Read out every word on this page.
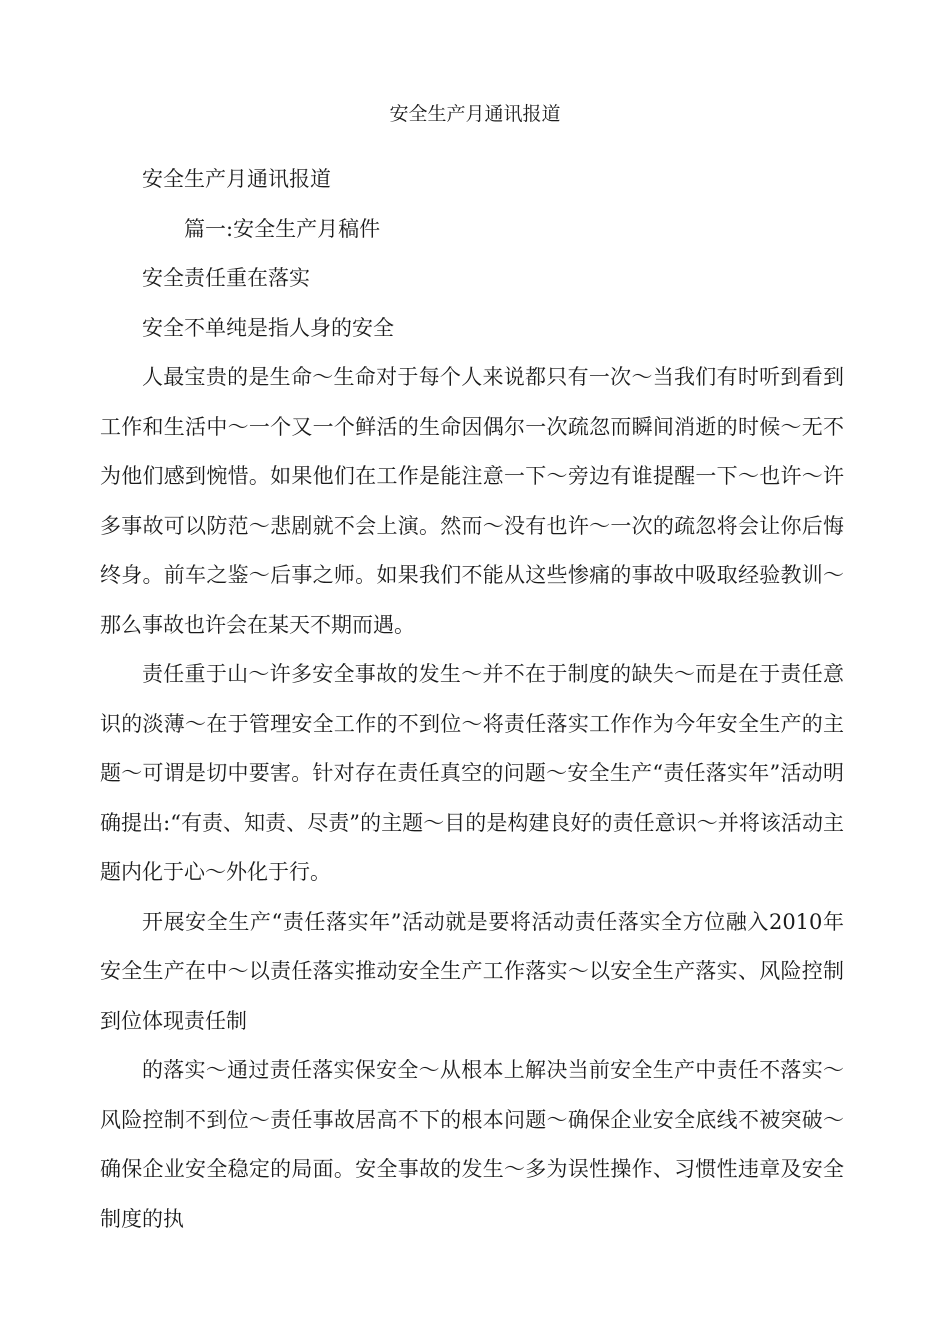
安全生产月通讯报道

安全生产月通讯报道

篇一:安全生产月稿件

安全责任重在落实

安全不单纯是指人身的安全

人最宝贵的是生命〜生命对于每个人来说都只有一次〜当我们有时听到看到工作和生活中〜一个又一个鲜活的生命因偶尔一次疏忽而瞬间消逝的时候〜无不为他们感到惋惜。如果他们在工作是能注意一下〜旁边有谁提醒一下〜也许〜许多事故可以防范〜悲剧就不会上演。然而〜没有也许〜一次的疏忽将会让你后悔终身。前车之鉴〜后事之师。如果我们不能从这些惨痛的事故中吸取经验教训〜那么事故也许会在某天不期而遇。

责任重于山〜许多安全事故的发生〜并不在于制度的缺失〜而是在于责任意识的淡薄〜在于管理安全工作的不到位〜将责任落实工作作为今年安全生产的主题〜可谓是切中要害。针对存在责任真空的问题〜安全生产“责任落实年”活动明确提出:“有责、知责、尽责”的主题〜目的是构建良好的责任意识〜并将该活动主题内化于心〜外化于行。

开展安全生产“责任落实年”活动就是要将活动责任落实全方位融入2010年安全生产在中〜以责任落实推动安全生产工作落实〜以安全生产落实、风险控制到位体现责任制

的落实〜通过责任落实保安全〜从根本上解决当前安全生产中责任不落实〜风险控制不到位〜责任事故居高不下的根本问题〜确保企业安全底线不被突破〜确保企业安全稳定的局面。安全事故的发生〜多为误性操作、习惯性违章及安全制度的执
